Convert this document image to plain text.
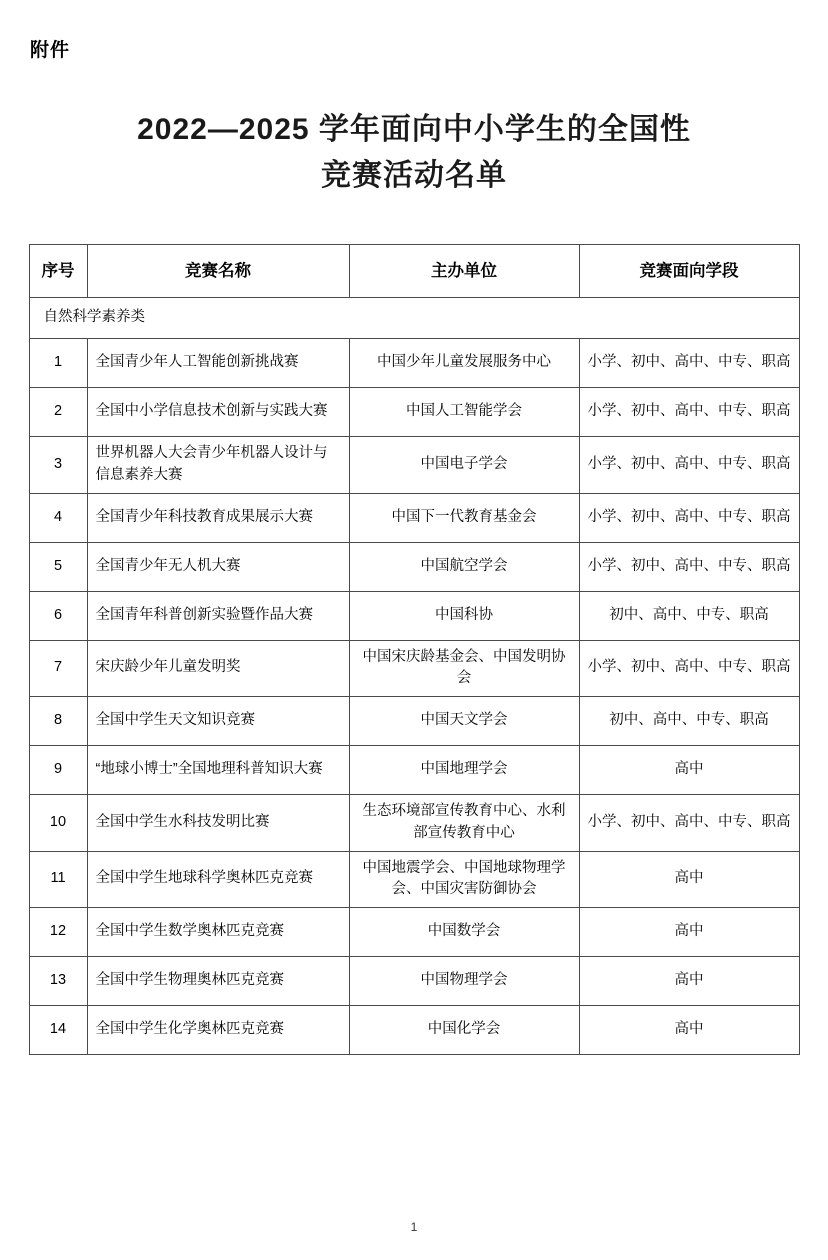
附件
2022—2025 学年面向中小学生的全国性
竞赛活动名单
序号	竞赛名称	主办单位	竞赛面向学段
自然科学素养类			
1	全国青少年人工智能创新挑战赛	中国少年儿童发展服务中心	小学、初中、高中、中专、职高
2	全国中小学信息技术创新与实践大赛	中国人工智能学会	小学、初中、高中、中专、职高
3	世界机器人大会青少年机器人设计与信息素养大赛	中国电子学会	小学、初中、高中、中专、职高
4	全国青少年科技教育成果展示大赛	中国下一代教育基金会	小学、初中、高中、中专、职高
5	全国青少年无人机大赛	中国航空学会	小学、初中、高中、中专、职高
6	全国青年科普创新实验暨作品大赛	中国科协	初中、高中、中专、职高
7	宋庆龄少年儿童发明奖	中国宋庆龄基金会、中国发明协会	小学、初中、高中、中专、职高
8	全国中学生天文知识竞赛	中国天文学会	初中、高中、中专、职高
9	“地球小博士”全国地理科普知识大赛	中国地理学会	高中
10	全国中学生水科技发明比赛	生态环境部宣传教育中心、水利部宣传教育中心	小学、初中、高中、中专、职高
11	全国中学生地球科学奥林匹克竞赛	中国地震学会、中国地球物理学会、中国灾害防御协会	高中
12	全国中学生数学奥林匹克竞赛	中国数学会	高中
13	全国中学生物理奥林匹克竞赛	中国物理学会	高中
14	全国中学生化学奥林匹克竞赛	中国化学会	高中
1
